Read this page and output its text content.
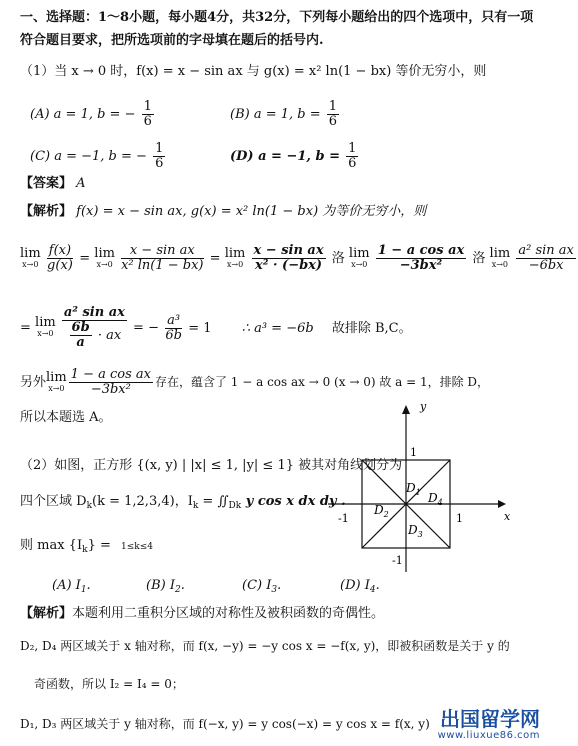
一、选择题：1～8小题，每小题4分，共32分，下列每小题给出的四个选项中，只有一项
符合题目要求，把所选项前的字母填在题后的括号内.
（1）当 x → 0 时，f(x) = x − sin ax 与 g(x) = x² ln(1 − bx) 等价无穷小，则
(A) a = 1, b = − $\frac{1}{6}$	(B) a = 1, $b = \frac{1}{6}$
(C) a = −1, b = − $\frac{1}{6}$	(D) a = −1, $b = \frac{1}{6}$
【答案】 A
【解析】 f(x) = x − sin ax, g(x) = x² ln(1 − bx) 为等价无穷小，则
lim
x→0
$\frac{f(x)}{g(x)} = \lim$
x→0
$\frac{\text{x − sin ax}}{\text{x² ln(1 − bx)}} = \lim$
x→0
$\frac{\text{x − sin ax}}{\text{x² · (−bx)}}$ 洛 lim
x→0
$\frac{\text{1 − a cos ax}}{\text{−3bx²}}$ 洛 lim
x→0
$\frac{\text{a² sin ax}}{-6bx}$
= lim
x→0
$\frac{\text{a² sin ax}}{\frac{6b}{a} \cdot ax}$ = − $\frac{\text{a³}}{6b} = 1$ ∴ a³ = −6b 故排除 B,C。
另外 lim
$x\to 0 \frac{\text{1 − a cos ax}}{\text{−3bx²}}$ 存在，蕴含了 1 − a cos ax → 0 (x → 0) 故 a = 1，排除 D，
所以本题选 A。
（2）如图，正方形 {(x, y) | |x| ≤ 1, |y| ≤ 1} 被其对角线划分为
四个区域 $D_k(k = 1,2,3,4)$，$I_k$ = $∬_{Dk}$ y cos x dx dy .
则 $\max \{I_k\} = 1\le k\le 4$
(A) $I_1$.	(B) $I_2$.	(C) $I_3$.	(D) $I_4$.
【解析】本题利用二重积分区域的对称性及被积函数的奇偶性。
D₂, D₄ 两区域关于 x 轴对称，而 f(x, −y) = −y cos x = −f(x, y)，即被积函数是关于 y 的
奇函数，所以 I₂ = I₄ = 0；
D₁, D₃ 两区域关于 y 轴对称，而 f(−x, y) = y cos(−x) = y cos x = f(x, y)
y
x
1
-1	1
-1
$D_1$
$D_2$
$D_3$
$D_4$
出国留学网
www.liuxue86.com
